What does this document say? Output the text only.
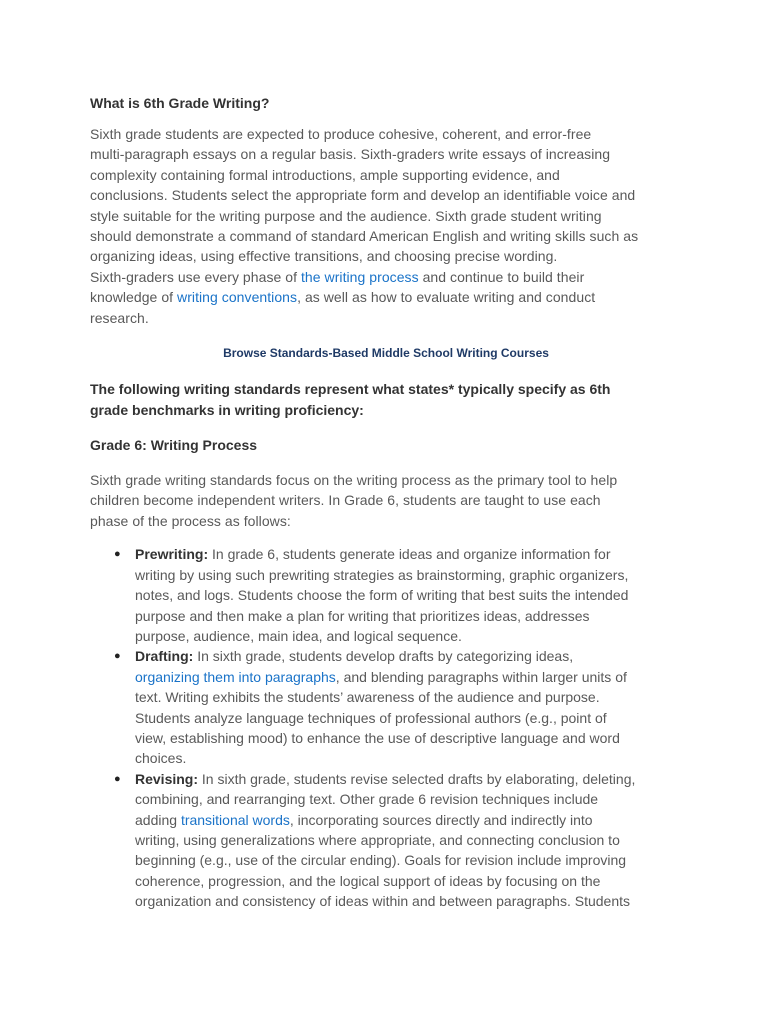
What is 6th Grade Writing?

Sixth grade students are expected to produce cohesive, coherent, and error-free
multi-paragraph essays on a regular basis. Sixth-graders write essays of increasing
complexity containing formal introductions, ample supporting evidence, and
conclusions. Students select the appropriate form and develop an identifiable voice and
style suitable for the writing purpose and the audience. Sixth grade student writing
should demonstrate a command of standard American English and writing skills such as
organizing ideas, using effective transitions, and choosing precise wording.
Sixth-graders use every phase of the writing process and continue to build their
knowledge of writing conventions, as well as how to evaluate writing and conduct
research.

Browse Standards-Based Middle School Writing Courses

The following writing standards represent what states* typically specify as 6th
grade benchmarks in writing proficiency:

Grade 6: Writing Process

Sixth grade writing standards focus on the writing process as the primary tool to help
children become independent writers. In Grade 6, students are taught to use each
phase of the process as follows:

● Prewriting: In grade 6, students generate ideas and organize information for
writing by using such prewriting strategies as brainstorming, graphic organizers,
notes, and logs. Students choose the form of writing that best suits the intended
purpose and then make a plan for writing that prioritizes ideas, addresses
purpose, audience, main idea, and logical sequence.
● Drafting: In sixth grade, students develop drafts by categorizing ideas,
organizing them into paragraphs, and blending paragraphs within larger units of
text. Writing exhibits the students’ awareness of the audience and purpose.
Students analyze language techniques of professional authors (e.g., point of
view, establishing mood) to enhance the use of descriptive language and word
choices.
● Revising: In sixth grade, students revise selected drafts by elaborating, deleting,
combining, and rearranging text. Other grade 6 revision techniques include
adding transitional words, incorporating sources directly and indirectly into
writing, using generalizations where appropriate, and connecting conclusion to
beginning (e.g., use of the circular ending). Goals for revision include improving
coherence, progression, and the logical support of ideas by focusing on the
organization and consistency of ideas within and between paragraphs. Students
